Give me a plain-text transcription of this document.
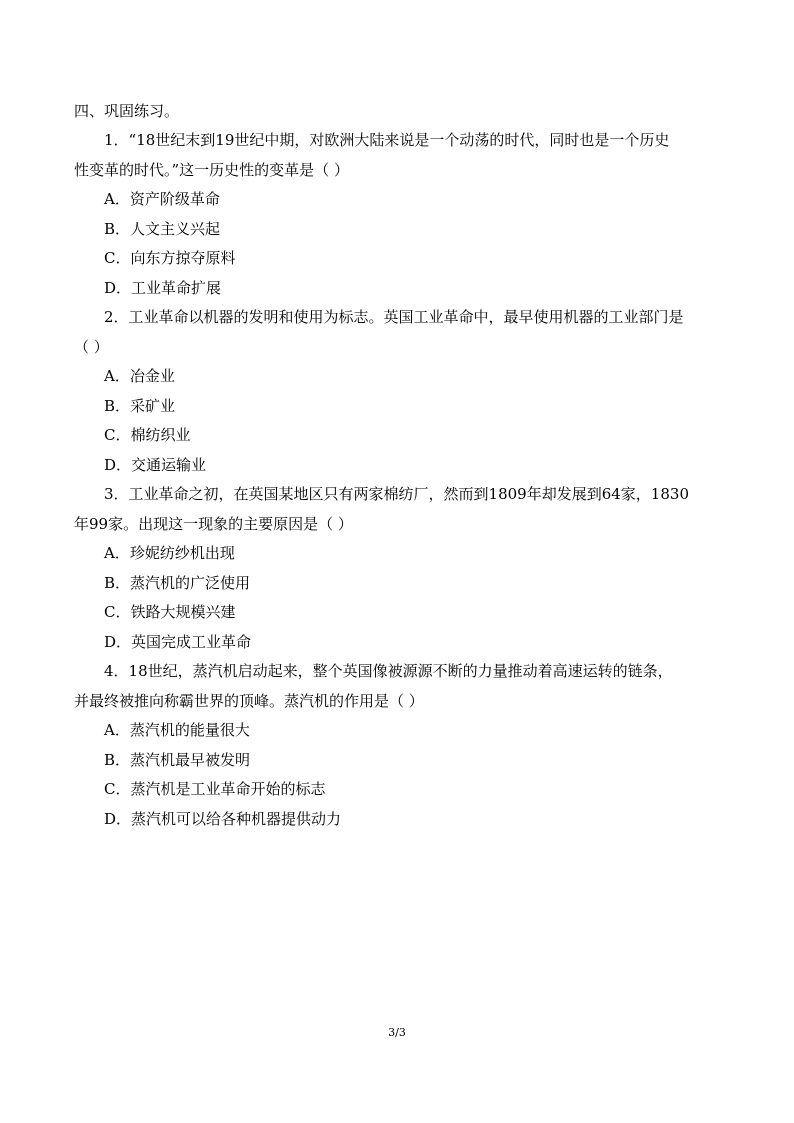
四、巩固练习。
1．“18世纪末到19世纪中期，对欧洲大陆来说是一个动荡的时代，同时也是一个历史
性变革的时代。”这一历史性的变革是（ ）
A．资产阶级革命
B．人文主义兴起
C．向东方掠夺原料
D．工业革命扩展
2．工业革命以机器的发明和使用为标志。英国工业革命中，最早使用机器的工业部门是
（ ）
A．冶金业
B．采矿业
C．棉纺织业
D．交通运输业
3．工业革命之初，在英国某地区只有两家棉纺厂，然而到1809年却发展到64家，1830
年99家。出现这一现象的主要原因是（ ）
A．珍妮纺纱机出现
B．蒸汽机的广泛使用
C．铁路大规模兴建
D．英国完成工业革命
4．18世纪，蒸汽机启动起来，整个英国像被源源不断的力量推动着高速运转的链条，
并最终被推向称霸世界的顶峰。蒸汽机的作用是（ ）
A．蒸汽机的能量很大
B．蒸汽机最早被发明
C．蒸汽机是工业革命开始的标志
D．蒸汽机可以给各种机器提供动力
3/3
